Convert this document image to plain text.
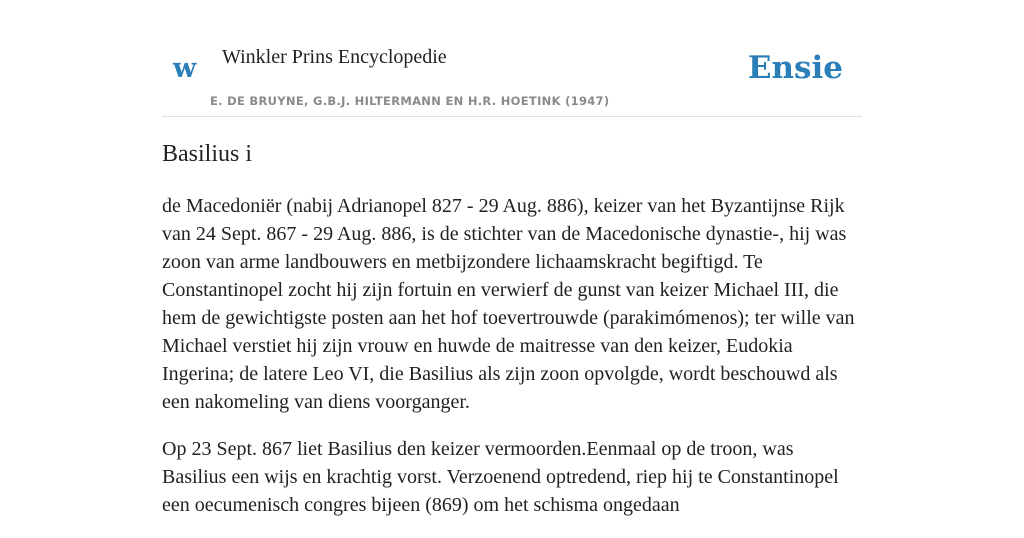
w Winkler Prins Encyclopedie
E. DE BRUYNE, G.B.J. HILTERMANN EN H.R. HOETINK (1947)
Ensie
Basilius i

de Macedoniër (nabij Adrianopel 827 - 29 Aug. 886), keizer van het Byzantijnse Rijk van 24 Sept. 867 - 29 Aug. 886, is de stichter van de Macedonische dynastie-, hij was zoon van arme landbouwers en metbijzondere lichaamskracht begiftigd. Te Constantinopel zocht hij zijn fortuin en verwierf de gunst van keizer Michael III, die hem de gewichtigste posten aan het hof toevertrouwde (parakimómenos); ter wille van Michael verstiet hij zijn vrouw en huwde de maitresse van den keizer, Eudokia Ingerina; de latere Leo VI, die Basilius als zijn zoon opvolgde, wordt beschouwd als een nakomeling van diens voorganger.

Op 23 Sept. 867 liet Basilius den keizer vermoorden.Eenmaal op de troon, was Basilius een wijs en krachtig vorst. Verzoenend optredend, riep hij te Constantinopel een oecumenisch congres bijeen (869) om het schisma ongedaan
